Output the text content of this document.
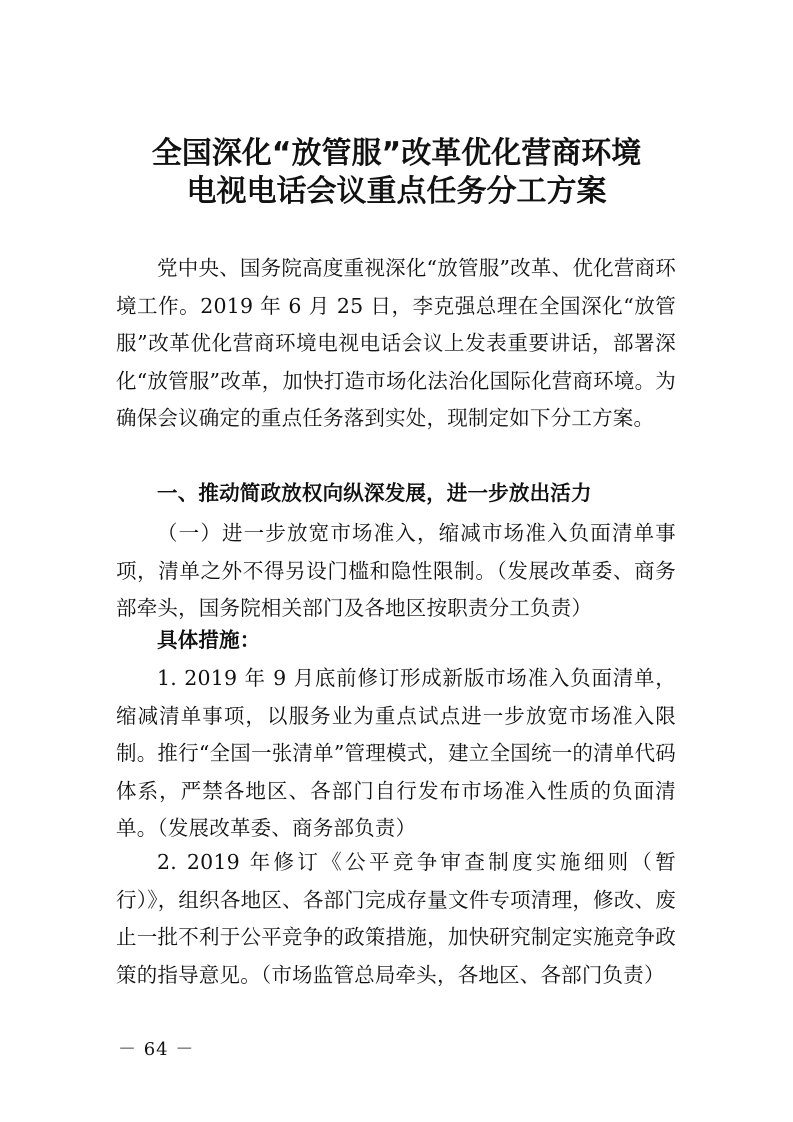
全国深化“放管服”改革优化营商环境
电视电话会议重点任务分工方案
党中央、国务院高度重视深化“放管服”改革、优化营商环境工作。2019 年 6 月 25 日，李克强总理在全国深化“放管服”改革优化营商环境电视电话会议上发表重要讲话，部署深化“放管服”改革，加快打造市场化法治化国际化营商环境。为确保会议确定的重点任务落到实处，现制定如下分工方案。
一、推动简政放权向纵深发展，进一步放出活力
（一）进一步放宽市场准入，缩减市场准入负面清单事项，清单之外不得另设门槛和隐性限制。（发展改革委、商务部牵头，国务院相关部门及各地区按职责分工负责）
具体措施：
1. 2019 年 9 月底前修订形成新版市场准入负面清单，缩减清单事项，以服务业为重点试点进一步放宽市场准入限制。推行“全国一张清单”管理模式，建立全国统一的清单代码体系，严禁各地区、各部门自行发布市场准入性质的负面清单。（发展改革委、商务部负责）
2. 2019 年修订《公平竞争审查制度实施细则（暂行）》，组织各地区、各部门完成存量文件专项清理，修改、废止一批不利于公平竞争的政策措施，加快研究制定实施竞争政策的指导意见。（市场监管总局牵头，各地区、各部门负责）
－ 64 －
